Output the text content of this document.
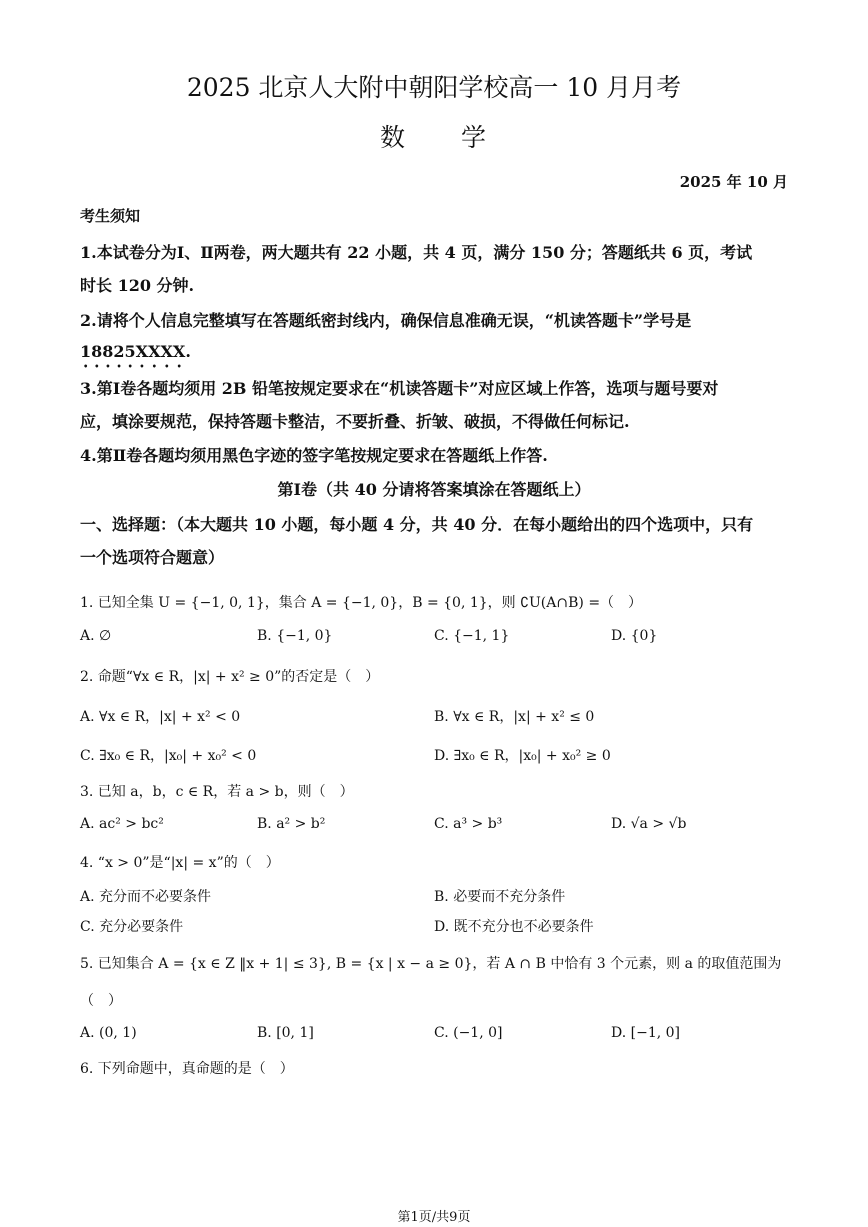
2025 北京人大附中朝阳学校高一 10 月月考
数　　学
2025 年 10 月
考生须知
1.本试卷分为Ⅰ、Ⅱ两卷，两大题共有 22 小题，共 4 页，满分 150 分；答题纸共 6 页，考试
时长 120 分钟.
2.请将个人信息完整填写在答题纸密封线内，确保信息准确无误，“机读答题卡”学号是
18825XXXX.
3.第Ⅰ卷各题均须用 2B 铅笔按规定要求在“机读答题卡”对应区域上作答，选项与题号要对
应，填涂要规范，保持答题卡整洁，不要折叠、折皱、破损，不得做任何标记.
4.第Ⅱ卷各题均须用黑色字迹的签字笔按规定要求在答题纸上作答.
第Ⅰ卷（共 40 分请将答案填涂在答题纸上）
一、选择题：（本大题共 10 小题，每小题 4 分，共 40 分．在每小题给出的四个选项中，只有
一个选项符合题意）
1. 已知全集 U = {−1, 0, 1}，集合 A = {−1, 0}，B = {0, 1}，则 ∁U(A∩B) =（　）
A. ∅	B. {−1, 0}	C. {−1, 1}	D. {0}
2. 命题“∀x ∈ R，|x| + x² ≥ 0”的否定是（　）
A. ∀x ∈ R，|x| + x² < 0	B. ∀x ∈ R，|x| + x² ≤ 0
C. ∃x₀ ∈ R，|x₀| + x₀² < 0	D. ∃x₀ ∈ R，|x₀| + x₀² ≥ 0
3. 已知 a，b，c ∈ R，若 a > b，则（　）
A. ac² > bc²	B. a² > b²	C. a³ > b³	D. √a > √b
4. “x > 0”是“|x| = x”的（　）
A. 充分而不必要条件	B. 必要而不充分条件
C. 充分必要条件	D. 既不充分也不必要条件
5. 已知集合 A = {x ∈ Z ‖x + 1| ≤ 3}, B = {x | x − a ≥ 0}，若 A ∩ B 中恰有 3 个元素，则 a 的取值范围为
（　）
A. (0, 1)	B. [0, 1]	C. (−1, 0]	D. [−1, 0]
6. 下列命题中，真命题的是（　）
第1页/共9页
